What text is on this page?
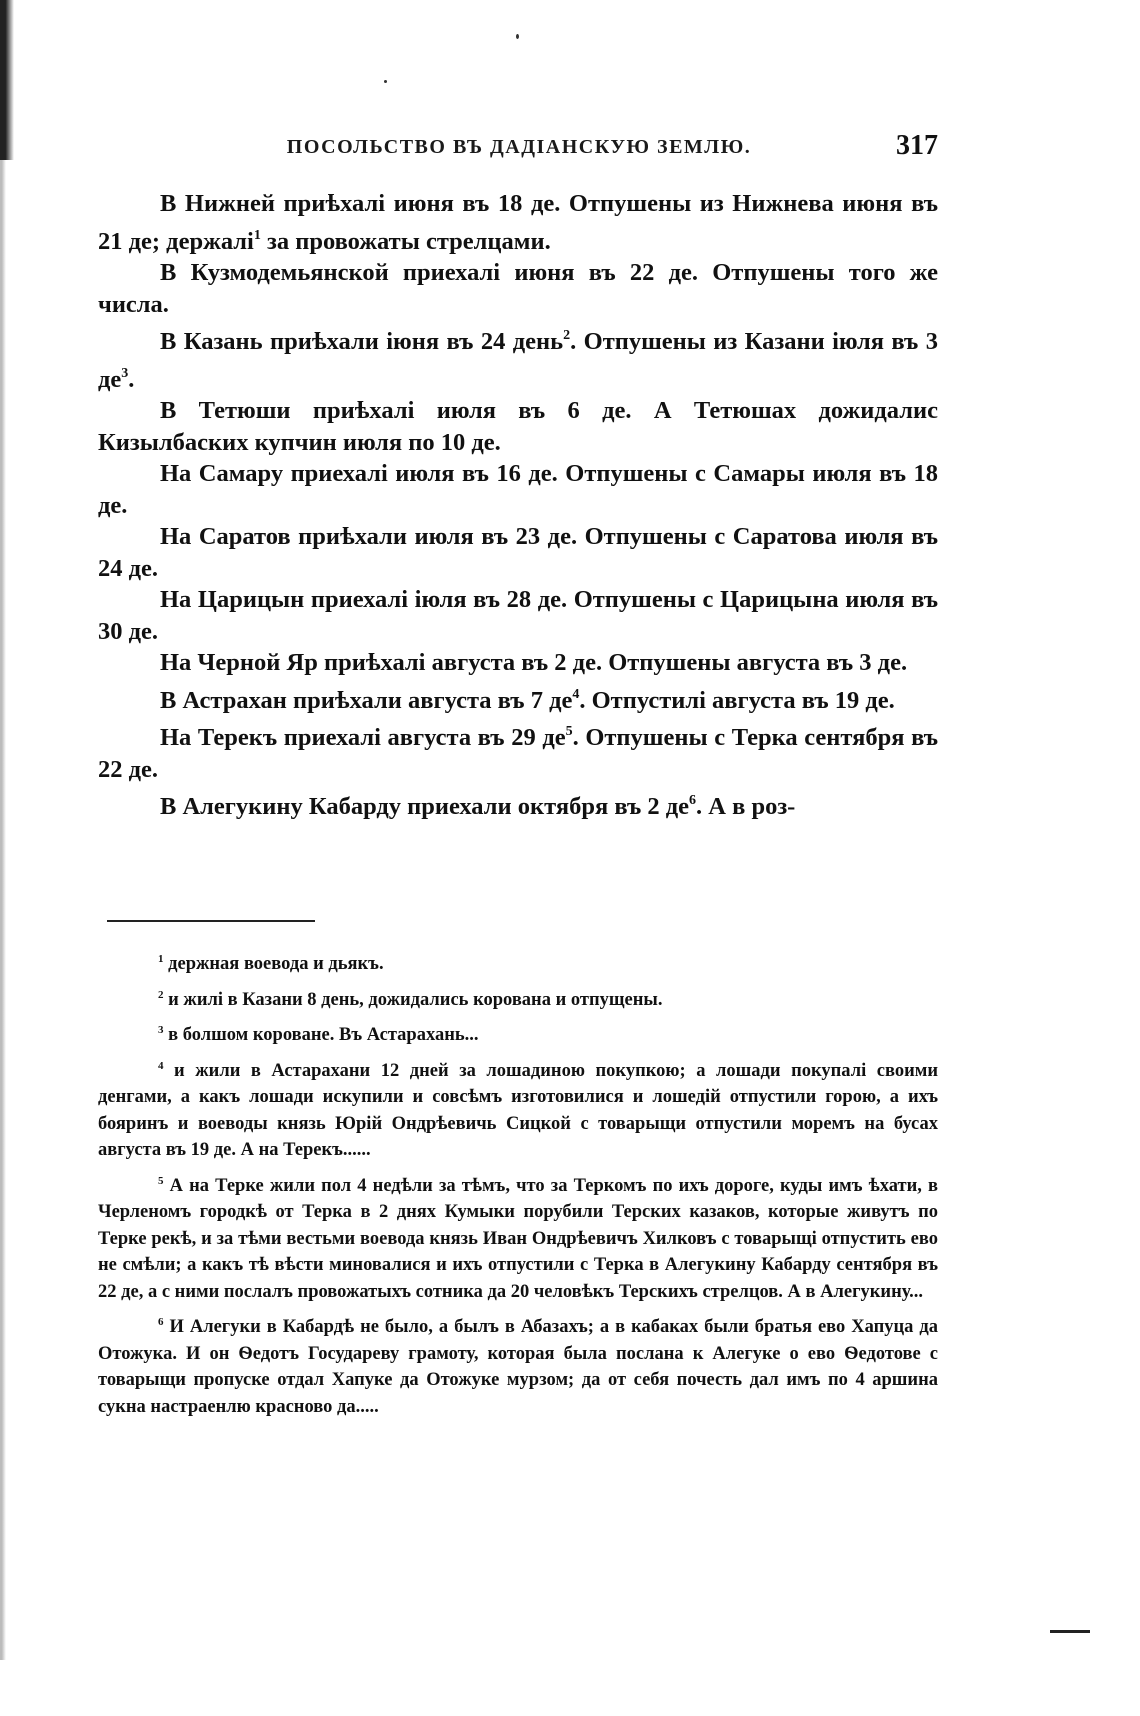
ПОСОЛЬСТВО ВЪ ДАДІАНСКУЮ ЗЕМЛЮ.	317

В Нижней приѣхалі июня въ 18 де. Отпушены из Нижнева июня въ 21 де; держалі$^1$ за провожаты стрелцами.

В Кузмодемьянской приехалі июня въ 22 де. Отпушены того же числа.

В Казань приѣхали іюня въ 24 день$^2$. Отпушены из Казани іюля въ 3 $де^3$.

В Тетюши приѣхалі июля въ 6 де. А Тетюшах дожидалис Кизылбаских купчин июля по 10 де.

На Самару приехалі июля въ 16 де. Отпушены с Самары июля въ 18 де.

На Саратов приѣхали июля въ 23 де. Отпушены с Саратова июля въ 24 де.

На Царицын приехалі іюля въ 28 де. Отпушены с Царицына июля въ 30 де.

На Черной Яр приѣхалі августа въ 2 де. Отпушены августа въ 3 де.

В Астрахан приѣхали августа въ 7 $де^4$. Отпустилі августа въ 19 де.

На Терекъ приехалі августа въ 29 $де^5$. Отпушены с Терка сентября въ 22 де.

В Алегукину Кабарду приехали октября въ 2 $де^6$. А в роз-

$^1$ держная воевода и дьякъ.

$^2$ и жилі в Казани 8 день, дожидались корована и отпущены.

$^3$ в болшом короване. Въ Астарахань...

$^4$ и жили в Астарахани 12 дней за лошадиною покупкою; а лошади покупалі своими денгами, а какъ лошади искупили и совсѣмъ изготовилися и лошедій отпустили горою, а ихъ бояринъ и воеводы князь Юрій Ондрѣевичь Сицкой с товарыщи отпустили моремъ на бусах августа въ 19 де. А на Терекъ......

$^5$ А на Терке жили пол 4 недѣли за тѣмъ, что за Теркомъ по ихъ дороге, куды имъ ѣхати, в Черленомъ городкѣ от Терка в 2 днях Кумыки порубили Терских казаков, которые живутъ по Терке рекѣ, и за тѣми вестьми воевода князь Иван Ондрѣевичъ Хилковъ с товарыщі отпустить ево не смѣли; а какъ тѣ вѣсти миновалися и ихъ отпустили с Терка в Алегукину Кабарду сентября въ 22 де, а с ними послалъ провожатыхъ сотника да 20 человѣкъ Терскихъ стрелцов. А в Алегукину...

$^6$ И Алегуки в Кабардѣ не было, а былъ в Абазахъ; а в кабаках были братья ево Хапуца да Отожука. И он Ѳедотъ Государеву грамоту, которая была послана к Алегуке о ево Ѳедотове с товарыщи пропуске отдал Хапуке да Отожуке мурзом; да от себя почесть дал имъ по 4 аршина сукна настраенлю красново да.....
